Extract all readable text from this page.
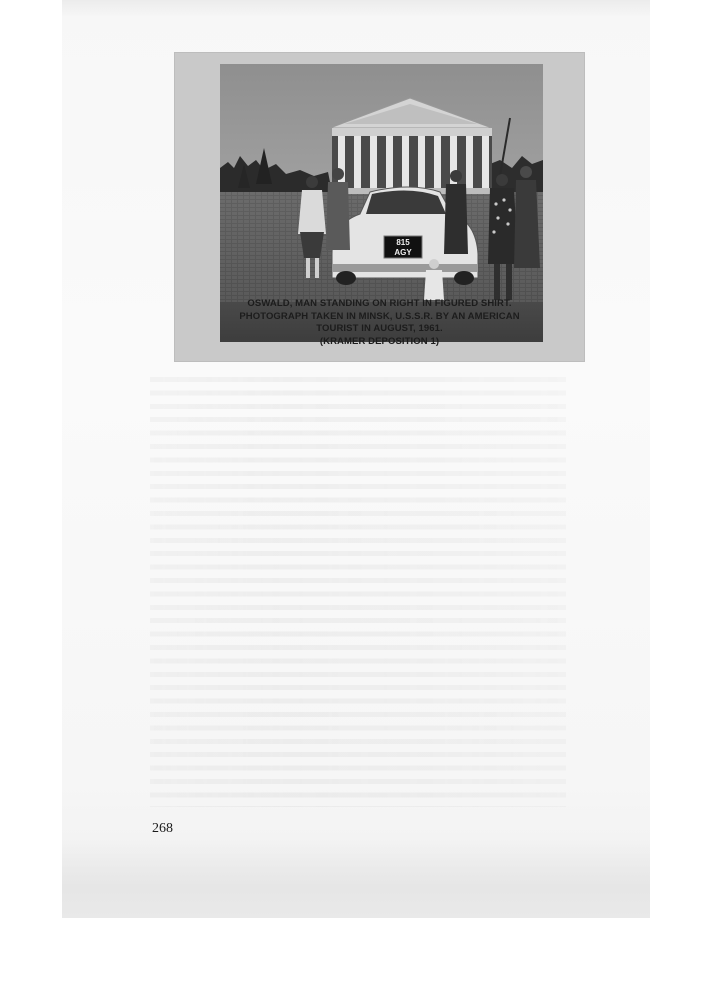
815
AGY
OSWALD, MAN STANDING ON RIGHT IN FIGURED SHIRT.
PHOTOGRAPH TAKEN IN MINSK, U.S.S.R. BY AN AMERICAN
TOURIST IN AUGUST, 1961.
(KRAMER DEPOSITION 1)
268
